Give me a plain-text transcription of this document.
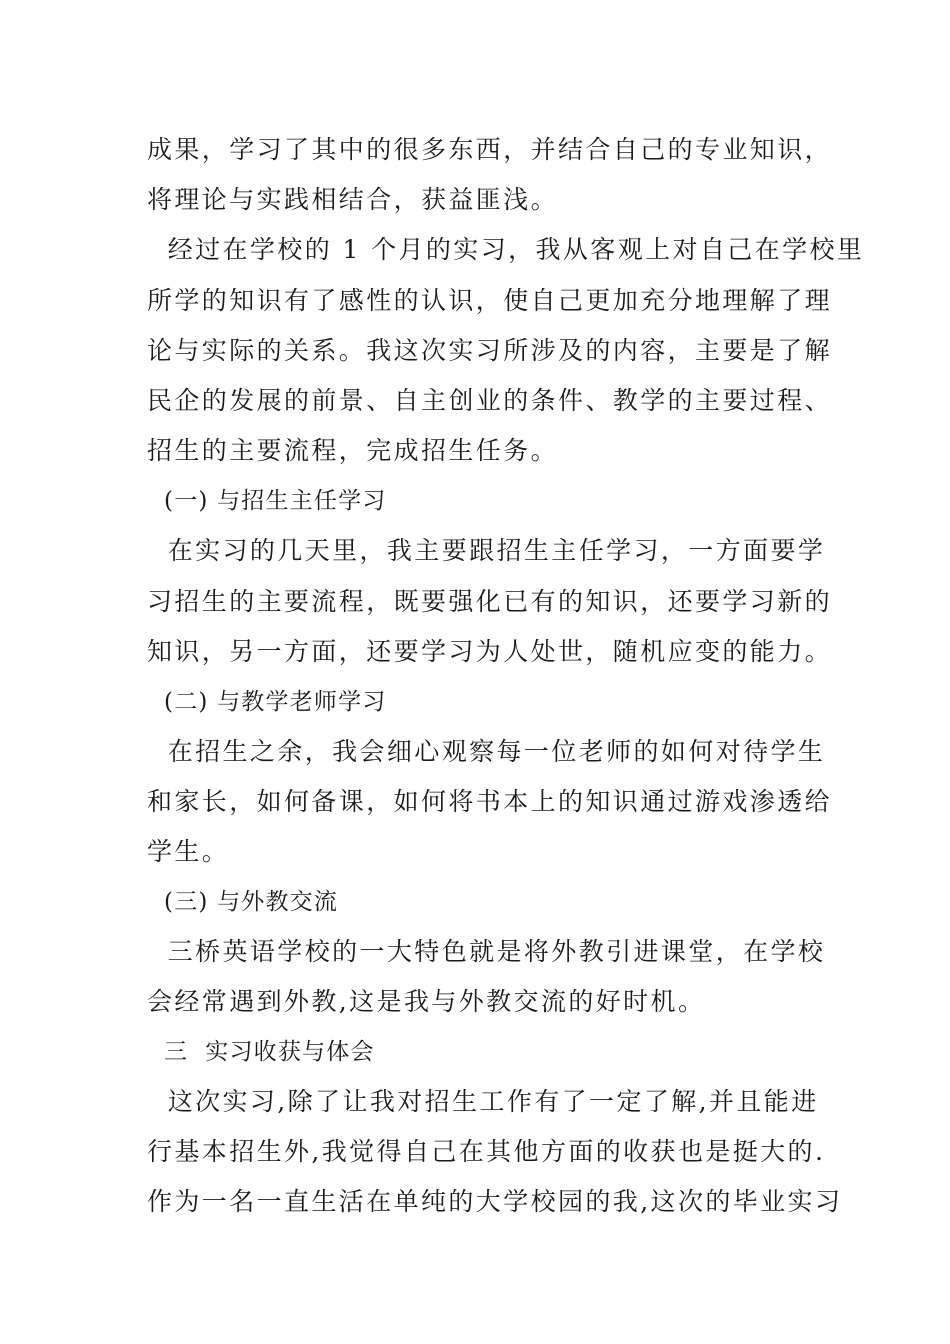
成果，学习了其中的很多东西，并结合自己的专业知识，
将理论与实践相结合，获益匪浅。
经过在学校的 1 个月的实习，我从客观上对自己在学校里
所学的知识有了感性的认识，使自己更加充分地理解了理
论与实际的关系。我这次实习所涉及的内容，主要是了解
民企的发展的前景、自主创业的条件、教学的主要过程、
招生的主要流程，完成招生任务。
(一) 与招生主任学习
在实习的几天里，我主要跟招生主任学习，一方面要学
习招生的主要流程，既要强化已有的知识，还要学习新的
知识，另一方面，还要学习为人处世，随机应变的能力。
(二) 与教学老师学习
在招生之余，我会细心观察每一位老师的如何对待学生
和家长，如何备课，如何将书本上的知识通过游戏渗透给
学生。
(三) 与外教交流
三桥英语学校的一大特色就是将外教引进课堂，在学校
会经常遇到外教,这是我与外教交流的好时机。
三  实习收获与体会
这次实习,除了让我对招生工作有了一定了解,并且能进
行基本招生外,我觉得自己在其他方面的收获也是挺大的.
作为一名一直生活在单纯的大学校园的我,这次的毕业实习
